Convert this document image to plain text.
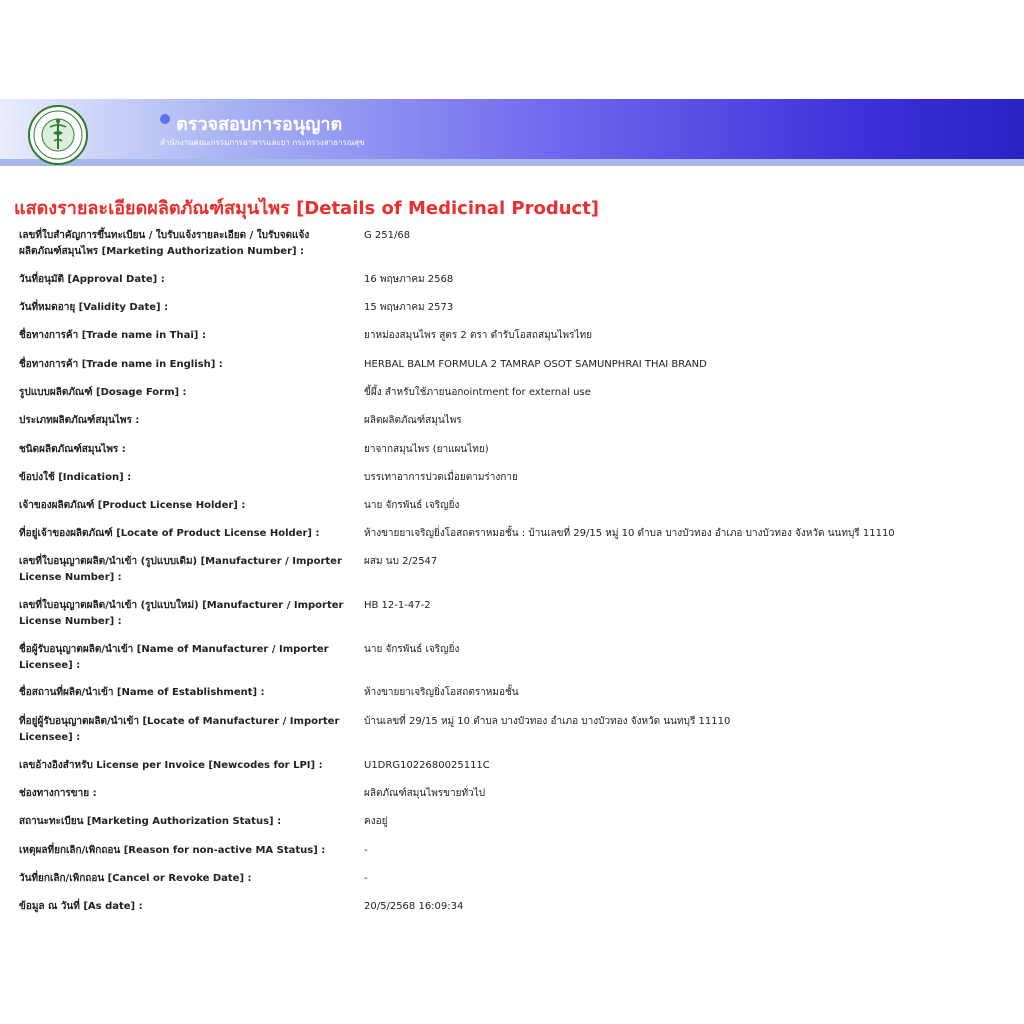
ตรวจสอบการอนุญาต
สำนักงานคณะกรรมการอาหารและยา กระทรวงสาธารณสุข
แสดงรายละเอียดผลิตภัณฑ์สมุนไพร [Details of Medicinal Product]
เลขที่ใบสำคัญการขึ้นทะเบียน / ใบรับแจ้งรายละเอียด / ใบรับจดแจ้ง ผลิตภัณฑ์สมุนไพร [Marketing Authorization Number] :
G 251/68
วันที่อนุมัติ [Approval Date] :	16 พฤษภาคม 2568
วันที่หมดอายุ [Validity Date] :	15 พฤษภาคม 2573
ชื่อทางการค้า [Trade name in Thai] :	ยาหม่องสมุนไพร สูตร 2 ตรา ตำรับโอสถสมุนไพรไทย
ชื่อทางการค้า [Trade name in English] :	HERBAL BALM FORMULA 2 TAMRAP OSOT SAMUNPHRAI THAI BRAND
รูปแบบผลิตภัณฑ์ [Dosage Form] :	ขี้ผึ้ง สำหรับใช้ภายนอกointment for external use
ประเภทผลิตภัณฑ์สมุนไพร :	ผลิตผลิตภัณฑ์สมุนไพร
ชนิดผลิตภัณฑ์สมุนไพร :	ยาจากสมุนไพร (ยาแผนไทย)
ข้อบ่งใช้ [Indication] :	บรรเทาอาการปวดเมื่อยตามร่างกาย
เจ้าของผลิตภัณฑ์ [Product License Holder] :	นาย จักรพันธ์ เจริญยิ่ง
ที่อยู่เจ้าของผลิตภัณฑ์ [Locate of Product License Holder] :	ห้างขายยาเจริญยิ่งโอสถตราหมอชั้น : บ้านเลขที่ 29/15 หมู่ 10 ตำบล บางบัวทอง อำเภอ บางบัวทอง จังหวัด นนทบุรี 11110
เลขที่ใบอนุญาตผลิต/นำเข้า (รูปแบบเดิม) [Manufacturer / Importer License Number] :
ผสม นบ 2/2547
เลขที่ใบอนุญาตผลิต/นำเข้า (รูปแบบใหม่) [Manufacturer / Importer License Number] :
HB 12-1-47-2
ชื่อผู้รับอนุญาตผลิต/นำเข้า [Name of Manufacturer / Importer Licensee] :
นาย จักรพันธ์ เจริญยิ่ง
ชื่อสถานที่ผลิต/นำเข้า [Name of Establishment] :	ห้างขายยาเจริญยิ่งโอสถตราหมอชั้น
ที่อยู่ผู้รับอนุญาตผลิต/นำเข้า [Locate of Manufacturer / Importer Licensee] :
บ้านเลขที่ 29/15 หมู่ 10 ตำบล บางบัวทอง อำเภอ บางบัวทอง จังหวัด นนทบุรี 11110
เลขอ้างอิงสำหรับ License per Invoice [Newcodes for LPI] :	U1DRG1022680025111C
ช่องทางการขาย :	ผลิตภัณฑ์สมุนไพรขายทั่วไป
สถานะทะเบียน [Marketing Authorization Status] :	คงอยู่
เหตุผลที่ยกเลิก/เพิกถอน [Reason for non-active MA Status] :	-
วันที่ยกเลิก/เพิกถอน [Cancel or Revoke Date] :	-
ข้อมูล ณ วันที่ [As date] :	20/5/2568 16:09:34
